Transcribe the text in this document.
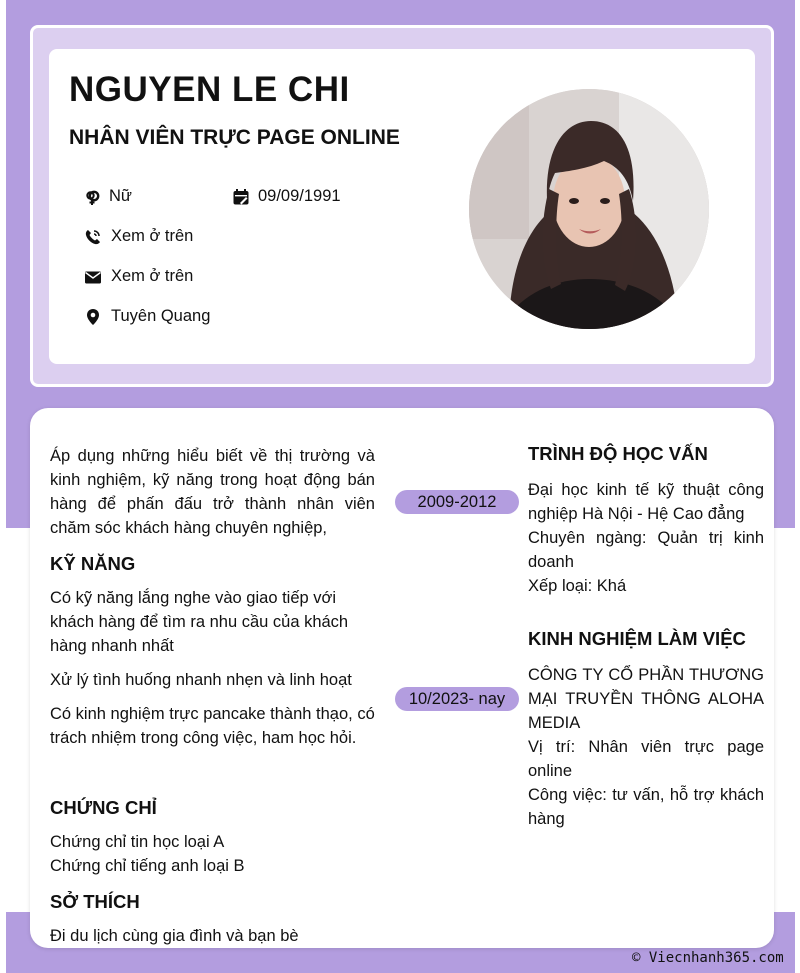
NGUYEN LE CHI
NHÂN VIÊN TRỰC PAGE ONLINE
Nữ	09/09/1991
Xem ở trên
Xem ở trên
Tuyên Quang

Áp dụng những hiểu biết về thị trường và kinh nghiệm, kỹ năng trong hoạt động bán hàng để phấn đấu trở thành nhân viên chăm sóc khách hàng chuyên nghiệp,

KỸ NĂNG

Có kỹ năng lắng nghe vào giao tiếp với khách hàng để tìm ra nhu cầu của khách hàng nhanh nhất

Xử lý tình huống nhanh nhẹn và linh hoạt

Có kinh nghiệm trực pancake thành thạo, có trách nhiệm trong công việc, ham học hỏi.

CHỨNG CHỈ

Chứng chỉ tin học loại A

Chứng chỉ tiếng anh loại B

SỞ THÍCH

Đi du lịch cùng gia đình và bạn bè

2009-2012
TRÌNH ĐỘ HỌC VẤN

Đại học kinh tế kỹ thuật công nghiệp Hà Nội - Hệ Cao đẳng

Chuyên ngàng: Quản trị kinh doanh

Xếp loại: Khá

10/2023- nay
KINH NGHIỆM LÀM VIỆC

CÔNG TY CỔ PHẦN THƯƠNG MẠI TRUYỀN THÔNG ALOHA MEDIA

Vị trí: Nhân viên trực page online

Công việc: tư vấn, hỗ trợ khách hàng

© Viecnhanh365.com
